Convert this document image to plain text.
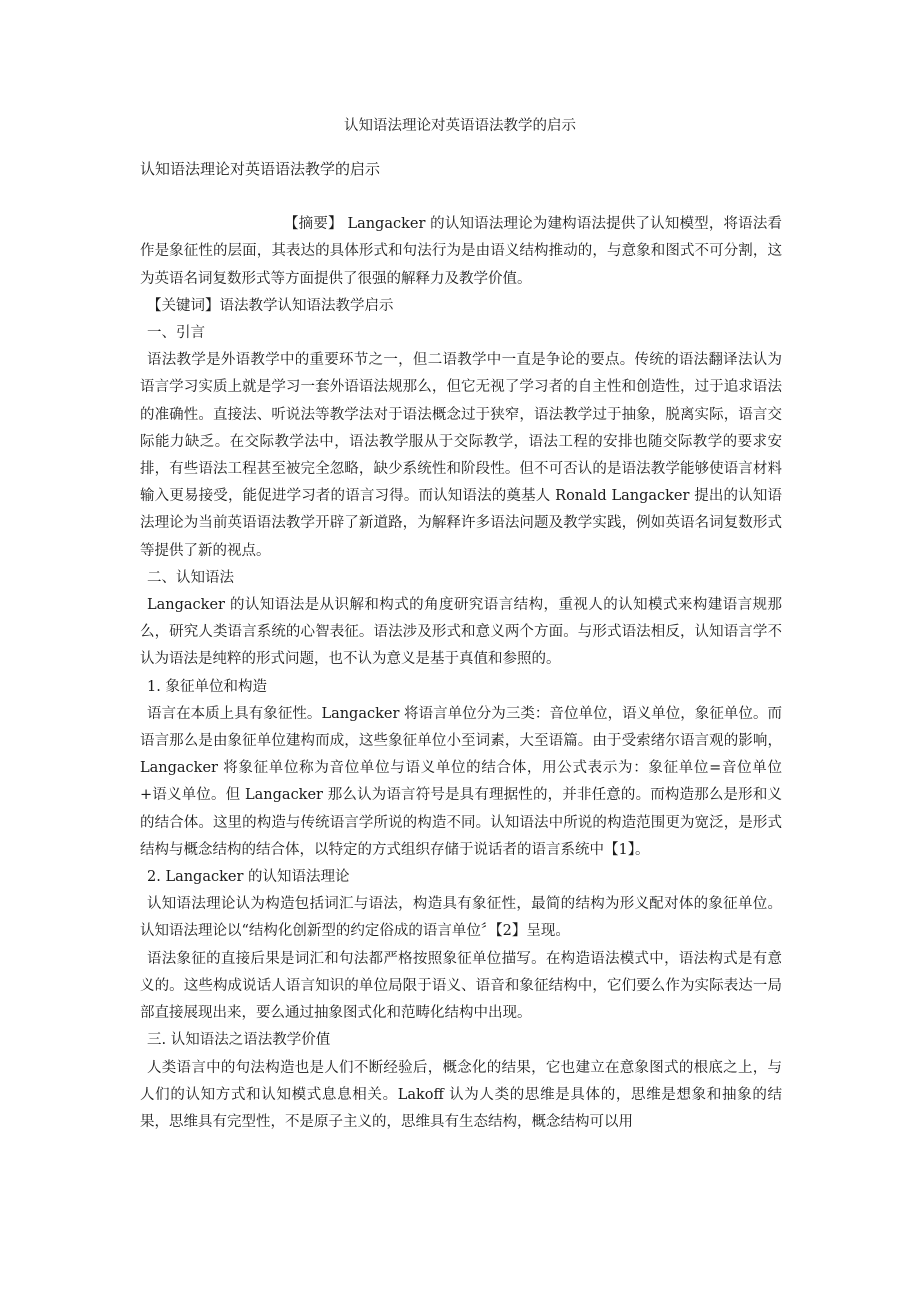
认知语法理论对英语语法教学的启示

认知语法理论对英语语法教学的启示

【摘要】 Langacker 的认知语法理论为建构语法提供了认知模型，将语法看作是象征性的层面，其表达的具体形式和句法行为是由语义结构推动的，与意象和图式不可分割，这为英语名词复数形式等方面提供了很强的解释力及教学价值。

【关键词】语法教学认知语法教学启示

一、引言

语法教学是外语教学中的重要环节之一，但二语教学中一直是争论的要点。传统的语法翻译法认为语言学习实质上就是学习一套外语语法规那么，但它无视了学习者的自主性和创造性，过于追求语法的准确性。直接法、听说法等教学法对于语法概念过于狭窄，语法教学过于抽象，脱离实际，语言交际能力缺乏。在交际教学法中，语法教学服从于交际教学，语法工程的安排也随交际教学的要求安排，有些语法工程甚至被完全忽略，缺少系统性和阶段性。但不可否认的是语法教学能够使语言材料输入更易接受，能促进学习者的语言习得。而认知语法的奠基人 Ronald Langacker 提出的认知语法理论为当前英语语法教学开辟了新道路，为解释许多语法问题及教学实践，例如英语名词复数形式等提供了新的视点。

二、认知语法

Langacker 的认知语法是从识解和构式的角度研究语言结构，重视人的认知模式来构建语言规那么，研究人类语言系统的心智表征。语法涉及形式和意义两个方面。与形式语法相反，认知语言学不认为语法是纯粹的形式问题，也不认为意义是基于真值和参照的。

1. 象征单位和构造

语言在本质上具有象征性。Langacker 将语言单位分为三类：音位单位，语义单位，象征单位。而语言那么是由象征单位建构而成，这些象征单位小至词素，大至语篇。由于受索绪尔语言观的影响，Langacker 将象征单位称为音位单位与语义单位的结合体，用公式表示为：象征单位=音位单位+语义单位。但 Langacker 那么认为语言符号是具有理据性的，并非任意的。而构造那么是形和义的结合体。这里的构造与传统语言学所说的构造不同。认知语法中所说的构造范围更为宽泛，是形式结构与概念结构的结合体，以特定的方式组织存储于说话者的语言系统中【1】。

2. Langacker 的认知语法理论

认知语法理论认为构造包括词汇与语法，构造具有象征性，最简的结构为形义配对体的象征单位。认知语法理论以“结构化创新型的约定俗成的语言单位〞【2】呈现。

语法象征的直接后果是词汇和句法都严格按照象征单位描写。在构造语法模式中，语法构式是有意义的。这些构成说话人语言知识的单位局限于语义、语音和象征结构中，它们要么作为实际表达一局部直接展现出来，要么通过抽象图式化和范畴化结构中出现。

三. 认知语法之语法教学价值

人类语言中的句法构造也是人们不断经验后，概念化的结果，它也建立在意象图式的根底之上，与人们的认知方式和认知模式息息相关。Lakoff 认为人类的思维是具体的，思维是想象和抽象的结果，思维具有完型性，不是原子主义的，思维具有生态结构，概念结构可以用
